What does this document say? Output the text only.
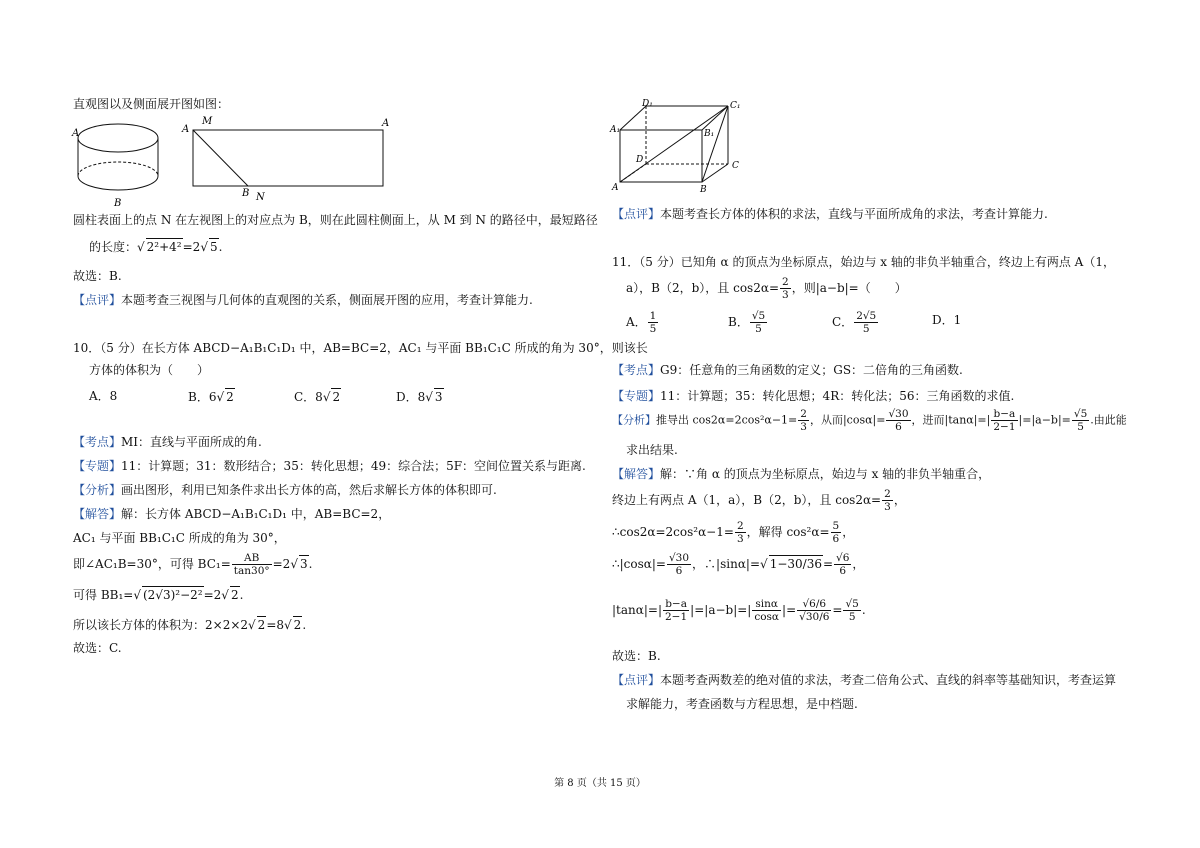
直观图以及侧面展开图如图：
A
B
A
M	A
B N
圆柱表面上的点 N 在左视图上的对应点为 B，则在此圆柱侧面上，从 M 到 N 的路径中，最短路径
的长度：√ 2²+4²=2√ 5.
故选：B.
【点评】本题考查三视图与几何体的直观图的关系，侧面展开图的应用，考查计算能力.
10．（5 分）在长方体 ABCD−A₁B₁C₁D₁ 中，AB=BC=2，AC₁ 与平面 BB₁C₁C 所成的角为 30°，则该长
方体的体积为（　　）
A．8	B．6√ 2	C．8√ 2	D．8√ 3
【考点】MI：直线与平面所成的角.
【专题】11：计算题；31：数形结合；35：转化思想；49：综合法；5F：空间位置关系与距离.
【分析】画出图形，利用已知条件求出长方体的高，然后求解长方体的体积即可.
【解答】解：长方体 ABCD−A₁B₁C₁D₁ 中，AB=BC=2，
AC₁ 与平面 BB₁C₁C 所成的角为 30°，
即∠AC₁B=30°，可得 $BC_1= \frac{AB}{\tan 30^\circ} =2√$ 3.
可得 BB₁=√ (2√3)²−2²=2√ 2.
所以该长方体的体积为：2×2×2√ 2=8√ 2.
故选：C.
D₁	C₁
A₁	B₁
D
C
A	B
【点评】本题考查长方体的体积的求法，直线与平面所成角的求法，考查计算能力.
11．（5 分）已知角 α 的顶点为坐标原点，始边与 x 轴的非负半轴重合，终边上有两点 A（1，
a），B（2，b），且 $\cos 2\alpha= \frac{2}{3}$ ，则|a−b|=（　　）
A． $\frac{1}{5}$	B． $\frac{√5}{5}$	C． $\frac{2√5}{5}$	D．1
【考点】G9：任意角的三角函数的定义；GS：二倍角的三角函数.
【专题】11：计算题；35：转化思想；4R：转化法；56：三角函数的求值.
【分析】推导出 $\cos 2\alpha=2\cos^2\alpha-1= \frac{2}{3}$ ，从而$|\cos\alpha|= \frac{√30}{6}$ ，进而$|\tan\alpha|=| \frac{b-a}{2-1} |=|a-b|= \frac{√5}{5}$ .由此能
求出结果.
【解答】解：∵角 α 的顶点为坐标原点，始边与 x 轴的非负半轴重合，
终边上有两点 A（1，a），B（2，b），且 $\cos 2\alpha= \frac{2}{3}$ ，
∴cos2α=2cos²α−1= $\frac{2}{3}$ ，解得 $\cos^2\alpha= \frac{5}{6}$ ，
∴|cosα|= $\frac{√30}{6}$ ，∴|sinα|=√ $1-30/36= \frac{√6}{6}$ ，
$|\tan\alpha|=| \frac{b-a}{2-1} |=|a-b|=| \frac{\sin\alpha}{\cos\alpha}$ |= $\frac{√6/6}{√30/6} = \frac{√5}{5}$ .
故选：B.
【点评】本题考查两数差的绝对值的求法，考查二倍角公式、直线的斜率等基础知识，考查运算
求解能力，考查函数与方程思想，是中档题.
第 8 页（共 15 页）
